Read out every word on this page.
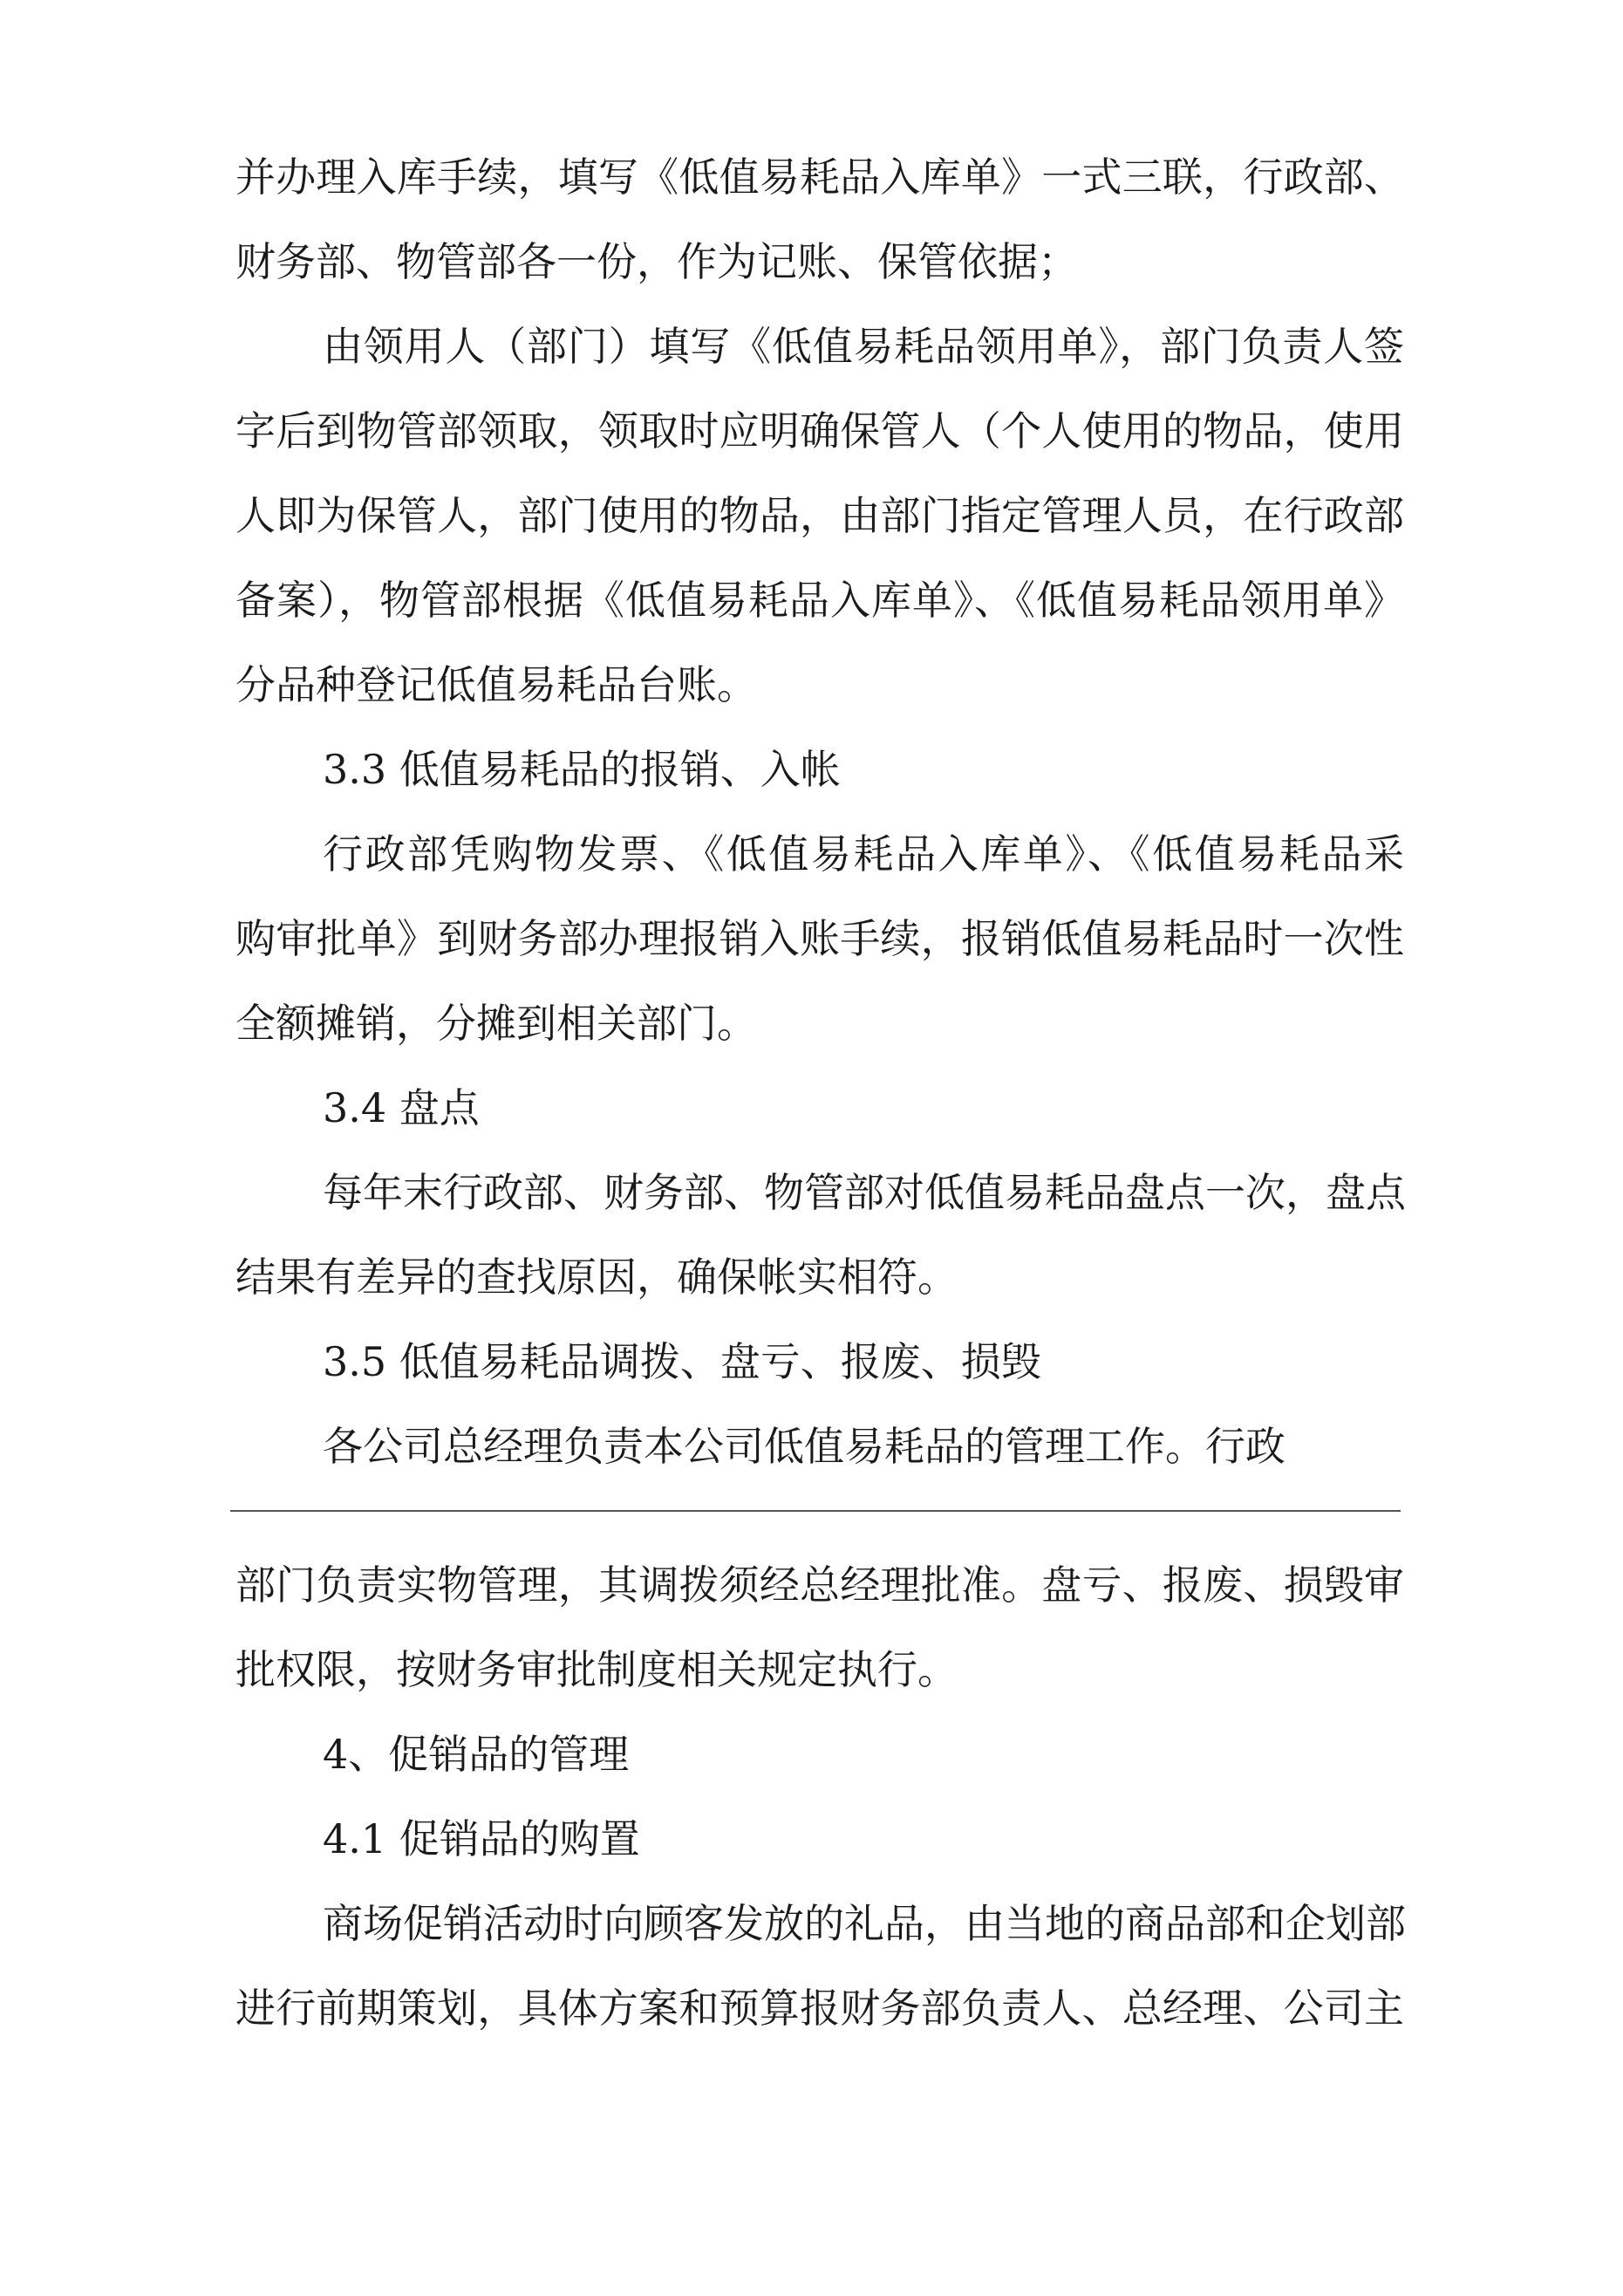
并办理入库手续，填写《低值易耗品入库单》一式三联，行政部、
财务部、物管部各一份，作为记账、保管依据；
由领用人（部门）填写《低值易耗品领用单》，部门负责人签
字后到物管部领取，领取时应明确保管人（个人使用的物品，使用
人即为保管人，部门使用的物品，由部门指定管理人员，在行政部
备案），物管部根据《低值易耗品入库单》、《低值易耗品领用单》
分品种登记低值易耗品台账。
3.3 低值易耗品的报销、入帐
行政部凭购物发票、《低值易耗品入库单》、《低值易耗品采
购审批单》到财务部办理报销入账手续，报销低值易耗品时一次性
全额摊销，分摊到相关部门。
3.4 盘点
每年末行政部、财务部、物管部对低值易耗品盘点一次，盘点
结果有差异的查找原因，确保帐实相符。
3.5 低值易耗品调拨、盘亏、报废、损毁
各公司总经理负责本公司低值易耗品的管理工作。行政
部门负责实物管理，其调拨须经总经理批准。盘亏、报废、损毁审
批权限，按财务审批制度相关规定执行。
4、促销品的管理
4.1 促销品的购置
商场促销活动时向顾客发放的礼品，由当地的商品部和企划部
进行前期策划，具体方案和预算报财务部负责人、总经理、公司主
